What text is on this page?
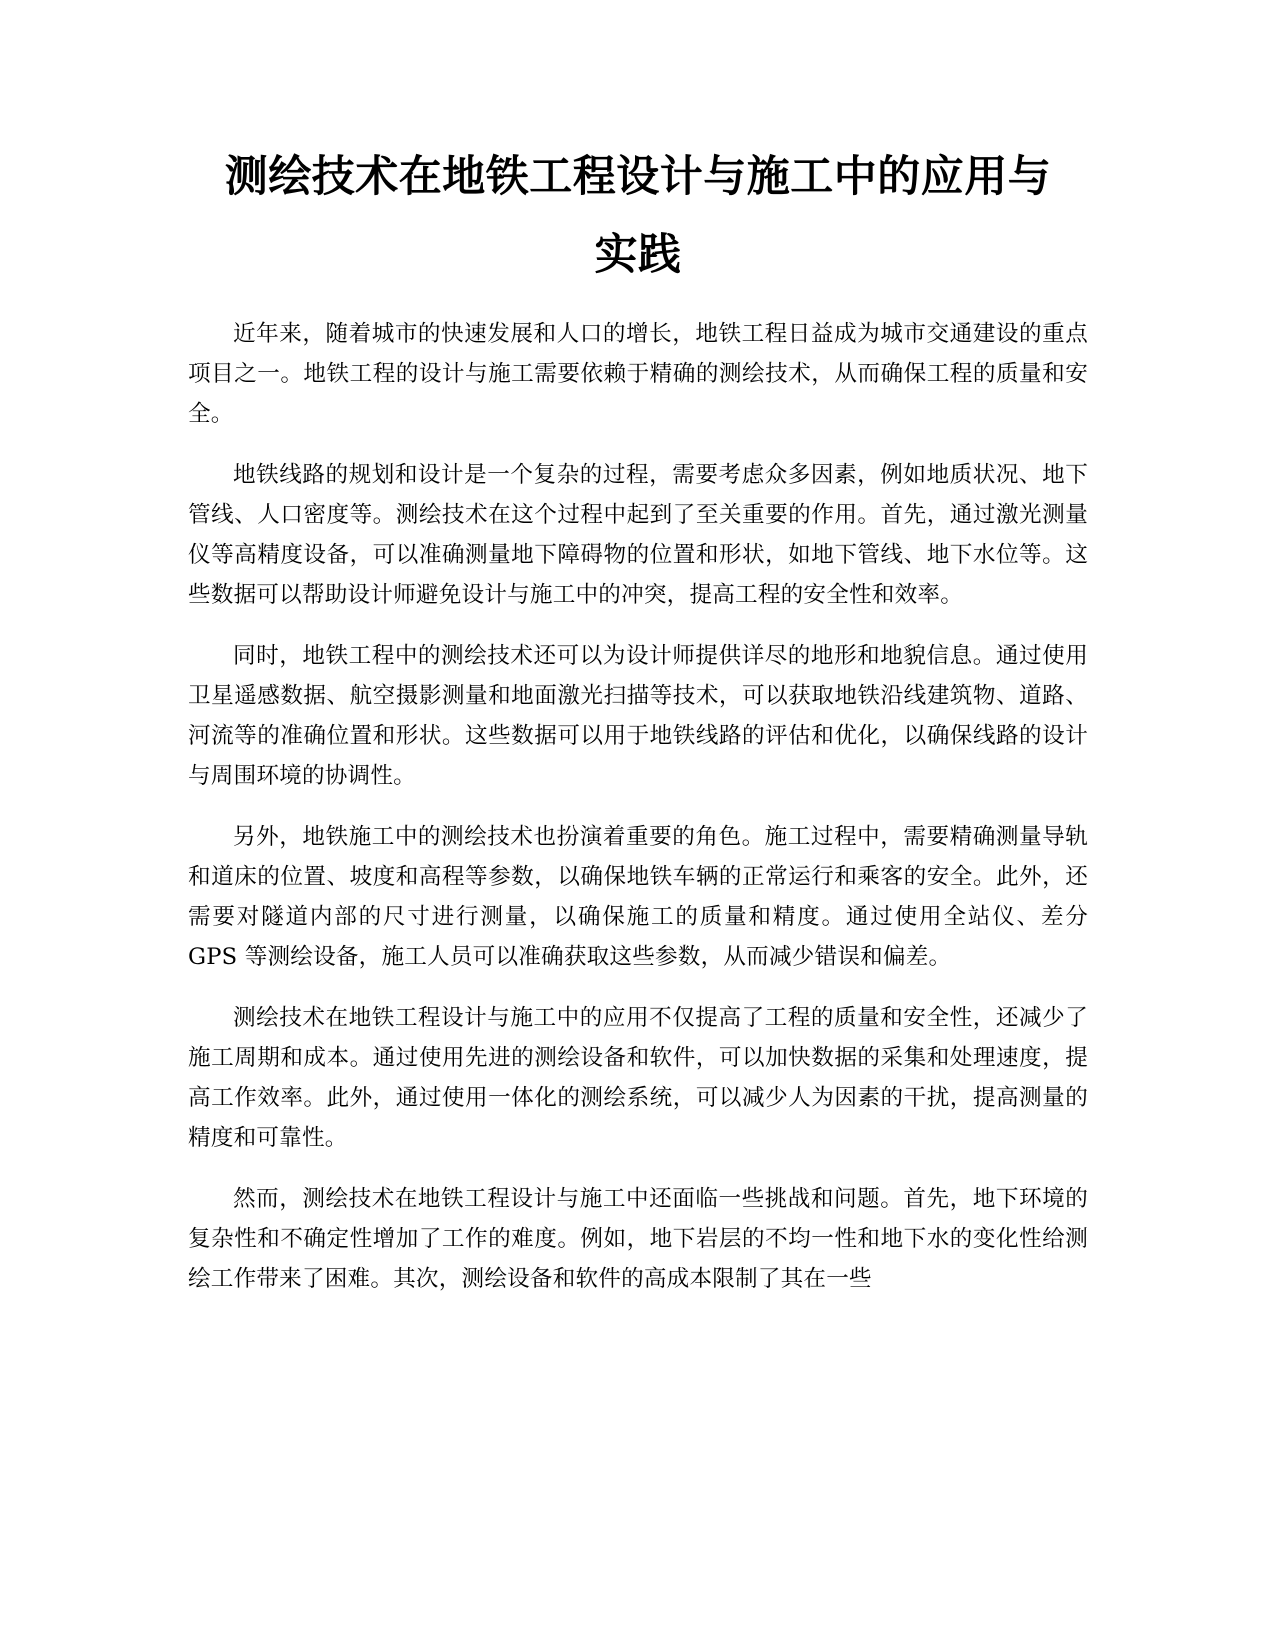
测绘技术在地铁工程设计与施工中的应用与
实践

近年来，随着城市的快速发展和人口的增长，地铁工程日益成为城市交通建设的重点项目之一。地铁工程的设计与施工需要依赖于精确的测绘技术，从而确保工程的质量和安全。

地铁线路的规划和设计是一个复杂的过程，需要考虑众多因素，例如地质状况、地下管线、人口密度等。测绘技术在这个过程中起到了至关重要的作用。首先，通过激光测量仪等高精度设备，可以准确测量地下障碍物的位置和形状，如地下管线、地下水位等。这些数据可以帮助设计师避免设计与施工中的冲突，提高工程的安全性和效率。

同时，地铁工程中的测绘技术还可以为设计师提供详尽的地形和地貌信息。通过使用卫星遥感数据、航空摄影测量和地面激光扫描等技术，可以获取地铁沿线建筑物、道路、河流等的准确位置和形状。这些数据可以用于地铁线路的评估和优化，以确保线路的设计与周围环境的协调性。

另外，地铁施工中的测绘技术也扮演着重要的角色。施工过程中，需要精确测量导轨和道床的位置、坡度和高程等参数，以确保地铁车辆的正常运行和乘客的安全。此外，还需要对隧道内部的尺寸进行测量，以确保施工的质量和精度。通过使用全站仪、差分 GPS 等测绘设备，施工人员可以准确获取这些参数，从而减少错误和偏差。

测绘技术在地铁工程设计与施工中的应用不仅提高了工程的质量和安全性，还减少了施工周期和成本。通过使用先进的测绘设备和软件，可以加快数据的采集和处理速度，提高工作效率。此外，通过使用一体化的测绘系统，可以减少人为因素的干扰，提高测量的精度和可靠性。

然而，测绘技术在地铁工程设计与施工中还面临一些挑战和问题。首先，地下环境的复杂性和不确定性增加了工作的难度。例如，地下岩层的不均一性和地下水的变化性给测绘工作带来了困难。其次，测绘设备和软件的高成本限制了其在一些
